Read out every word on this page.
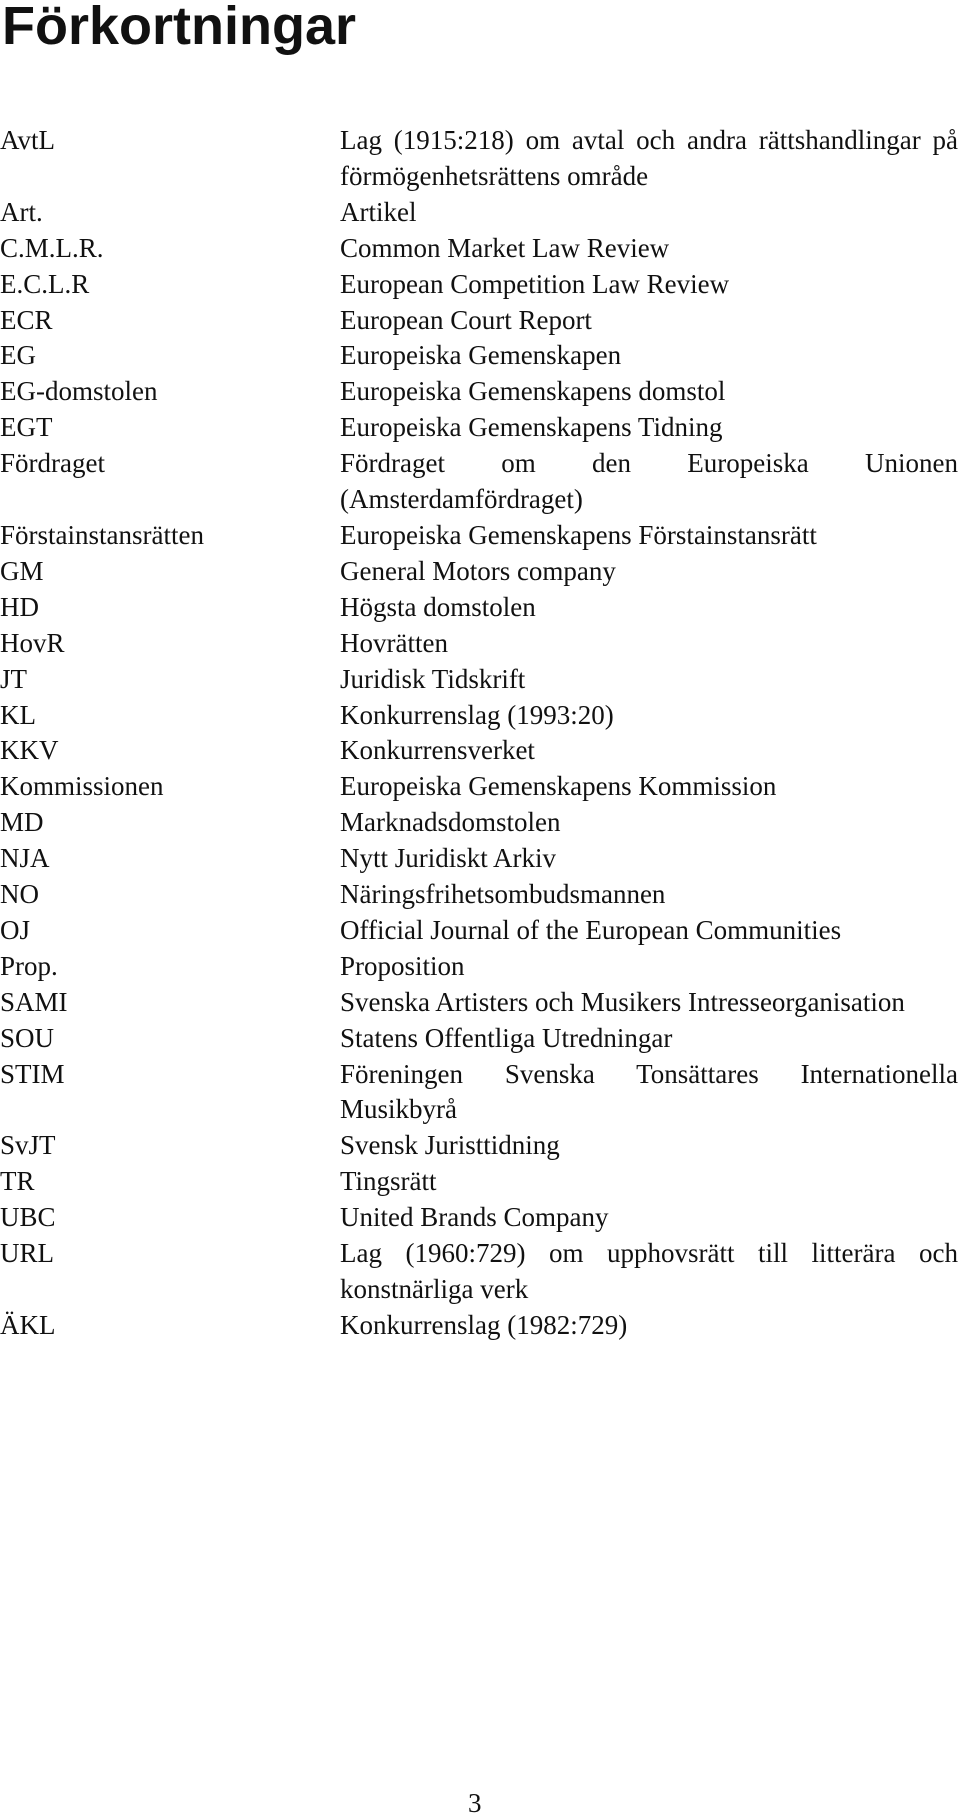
Förkortningar
AvtL	Lag (1915:218) om avtal och andra rättshandlingar på förmögenhetsrättens område
Art.	Artikel
C.M.L.R.	Common Market Law Review
E.C.L.R	European Competition Law Review
ECR	European Court Report
EG	Europeiska Gemenskapen
EG-domstolen	Europeiska Gemenskapens domstol
EGT	Europeiska Gemenskapens Tidning
Fördraget	Fördraget om den Europeiska Unionen (Amsterdamfördraget)
Förstainstansrätten	Europeiska Gemenskapens Förstainstansrätt
GM	General Motors company
HD	Högsta domstolen
HovR	Hovrätten
JT	Juridisk Tidskrift
KL	Konkurrenslag (1993:20)
KKV	Konkurrensverket
Kommissionen	Europeiska Gemenskapens Kommission
MD	Marknadsdomstolen
NJA	Nytt Juridiskt Arkiv
NO	Näringsfrihetsombudsmannen
OJ	Official Journal of the European Communities
Prop.	Proposition
SAMI	Svenska Artisters och Musikers Intresseorganisation
SOU	Statens Offentliga Utredningar
STIM	Föreningen Svenska Tonsättares Internationella Musikbyrå
SvJT	Svensk Juristtidning
TR	Tingsrätt
UBC	United Brands Company
URL	Lag (1960:729) om upphovsrätt till litterära och konstnärliga verk
ÄKL	Konkurrenslag (1982:729)
3
